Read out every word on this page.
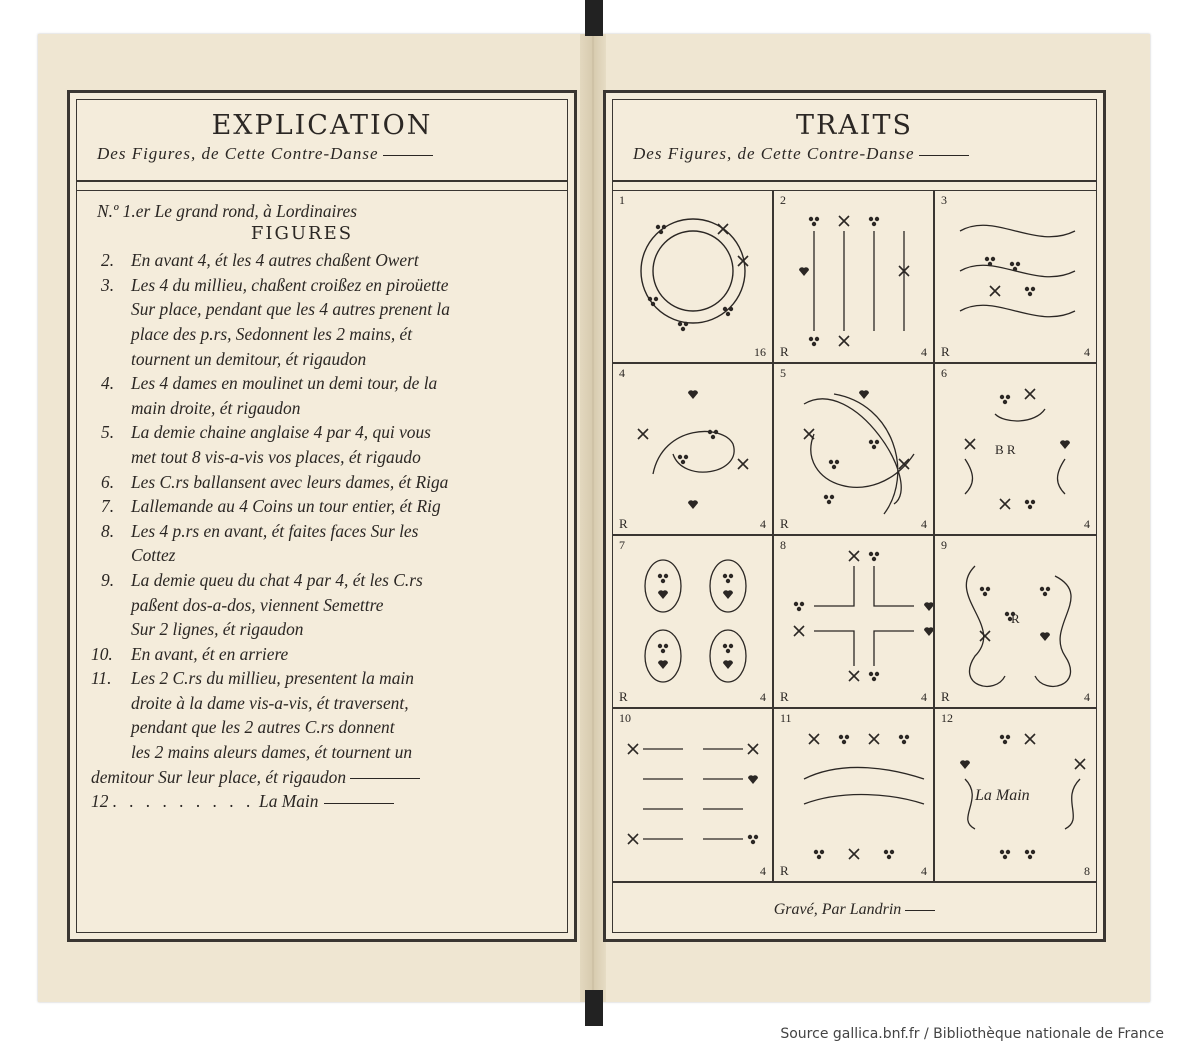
EXPLICATION
Des Figures, de Cette Contre-Danse
N.º 1.er Le grand rond, à Lordinaires
FIGURES
2. En avant 4, ét les 4 autres chaßent Owert
3. Les 4 du millieu, chaßent croißez en piroüette
Sur place, pendant que les 4 autres prenent la
place des p.rs, Sedonnent les 2 mains, ét
tournent un demitour, ét rigaudon
4. Les 4 dames en moulinet un demi tour, de la
main droite, ét rigaudon
5. La demie chaine anglaise 4 par 4, qui vous
met tout 8 vis-a-vis vos places, ét rigaudo
6. Les C.rs ballansent avec leurs dames, ét Riga
7. Lallemande au 4 Coins un tour entier, ét Rig
8. Les 4 p.rs en avant, ét faites faces Sur les
Cottez
9. La demie queu du chat 4 par 4, ét les C.rs
paßent dos-a-dos, viennent Semettre
Sur 2 lignes, ét rigaudon
10. En avant, ét en arriere
11. Les 2 C.rs du millieu, presentent la main
droite à la dame vis-a-vis, ét traversent,
pendant que les 2 autres C.rs donnent
les 2 mains aleurs dames, ét tournent un
demitour Sur leur place, ét rigaudon
12 . . . . . . . . . La Main
TRAITS
Des Figures, de Cette Contre-Danse
1
16
2
R	4
3
R	4
4
R	4
5
R	4
6
4
B R
7
R	4
8
R	4
9
R	4
R
10
4
11
R	4
12
8
La Main
Gravé, Par Landrin
Source gallica.bnf.fr / Bibliothèque nationale de France
